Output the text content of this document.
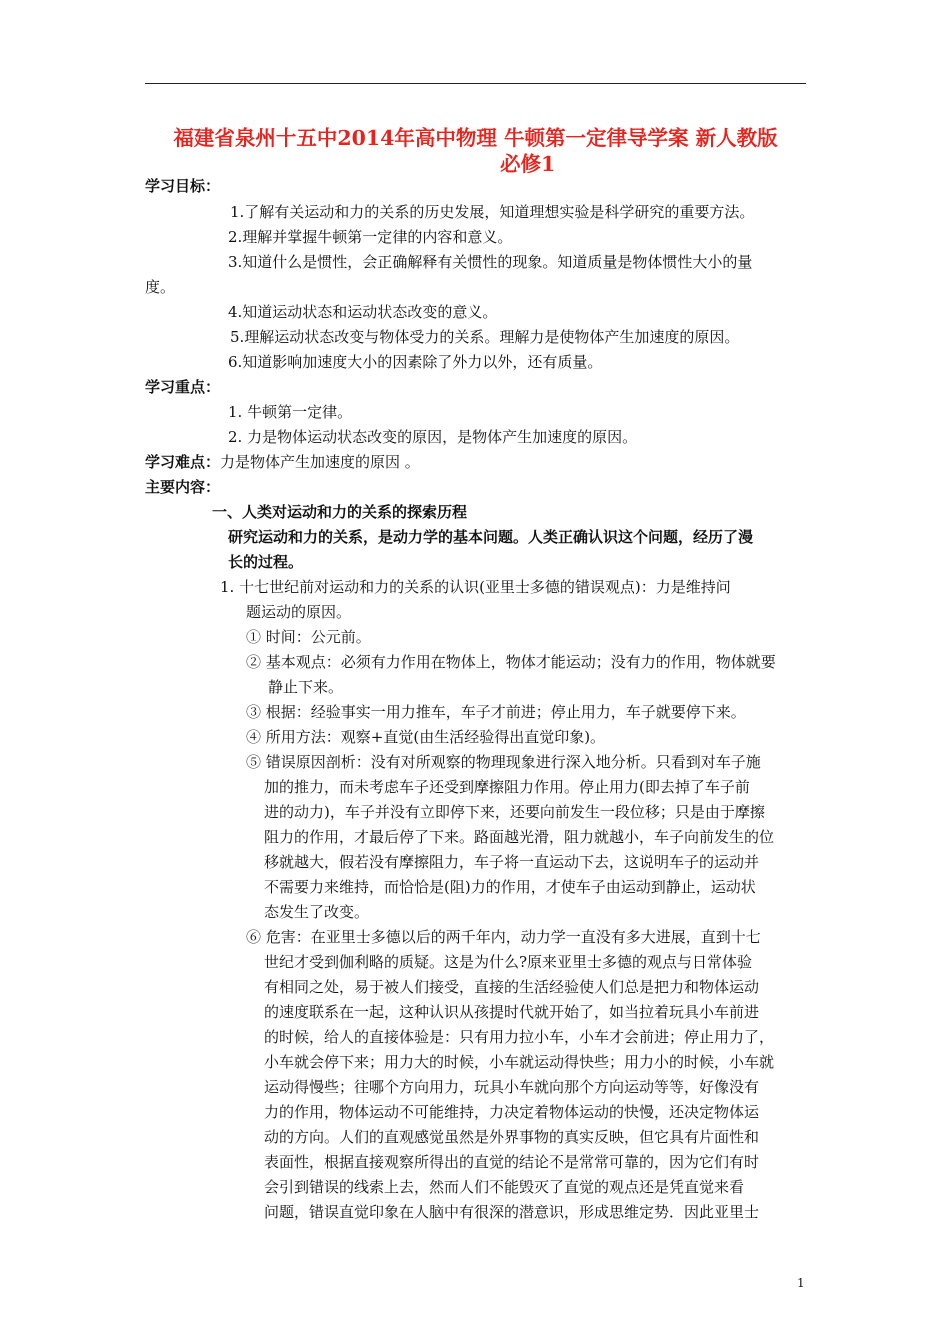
福建省泉州十五中2014年高中物理 牛顿第一定律导学案 新人教版
必修1
学习目标：
1.了解有关运动和力的关系的历史发展，知道理想实验是科学研究的重要方法。
2.理解并掌握牛顿第一定律的内容和意义。
3.知道什么是惯性，会正确解释有关惯性的现象。知道质量是物体惯性大小的量
度。
4.知道运动状态和运动状态改变的意义。
5.理解运动状态改变与物体受力的关系。理解力是使物体产生加速度的原因。
6.知道影响加速度大小的因素除了外力以外，还有质量。
学习重点：
1. 牛顿第一定律。
2. 力是物体运动状态改变的原因，是物体产生加速度的原因。
学习难点：力是物体产生加速度的原因 。
主要内容：
一、人类对运动和力的关系的探索历程
研究运动和力的关系，是动力学的基本问题。人类正确认识这个问题，经历了漫
长的过程。
1. 十七世纪前对运动和力的关系的认识(亚里士多德的错误观点)：力是维持问
题运动的原因。
① 时间：公元前。
② 基本观点：必须有力作用在物体上，物体才能运动；没有力的作用，物体就要
静止下来。
③ 根据：经验事实一用力推车，车子才前进；停止用力，车子就要停下来。
④ 所用方法：观察+直觉(由生活经验得出直觉印象)。
⑤ 错误原因剖析：没有对所观察的物理现象进行深入地分析。只看到对车子施
加的推力，而未考虑车子还受到摩擦阻力作用。停止用力(即去掉了车子前
进的动力)，车子并没有立即停下来，还要向前发生一段位移；只是由于摩擦
阻力的作用，才最后停了下来。路面越光滑，阻力就越小，车子向前发生的位
移就越大，假若没有摩擦阻力，车子将一直运动下去，这说明车子的运动并
不需要力来维持，而恰恰是(阻)力的作用，才使车子由运动到静止，运动状
态发生了改变。
⑥ 危害：在亚里士多德以后的两千年内，动力学一直没有多大进展，直到十七
世纪才受到伽利略的质疑。这是为什么?原来亚里士多德的观点与日常体验
有相同之处，易于被人们接受，直接的生活经验使人们总是把力和物体运动
的速度联系在一起，这种认识从孩提时代就开始了，如当拉着玩具小车前进
的时候，给人的直接体验是：只有用力拉小车，小车才会前进；停止用力了，
小车就会停下来；用力大的时候，小车就运动得快些；用力小的时候，小车就
运动得慢些；往哪个方向用力，玩具小车就向那个方向运动等等，好像没有
力的作用，物体运动不可能维持，力决定着物体运动的快慢，还决定物体运
动的方向。人们的直观感觉虽然是外界事物的真实反映，但它具有片面性和
表面性，根据直接观察所得出的直觉的结论不是常常可靠的，因为它们有时
会引到错误的线索上去，然而人们不能毁灭了直觉的观点还是凭直觉来看
问题，错误直觉印象在人脑中有很深的潜意识，形成思维定势．因此亚里士
1
